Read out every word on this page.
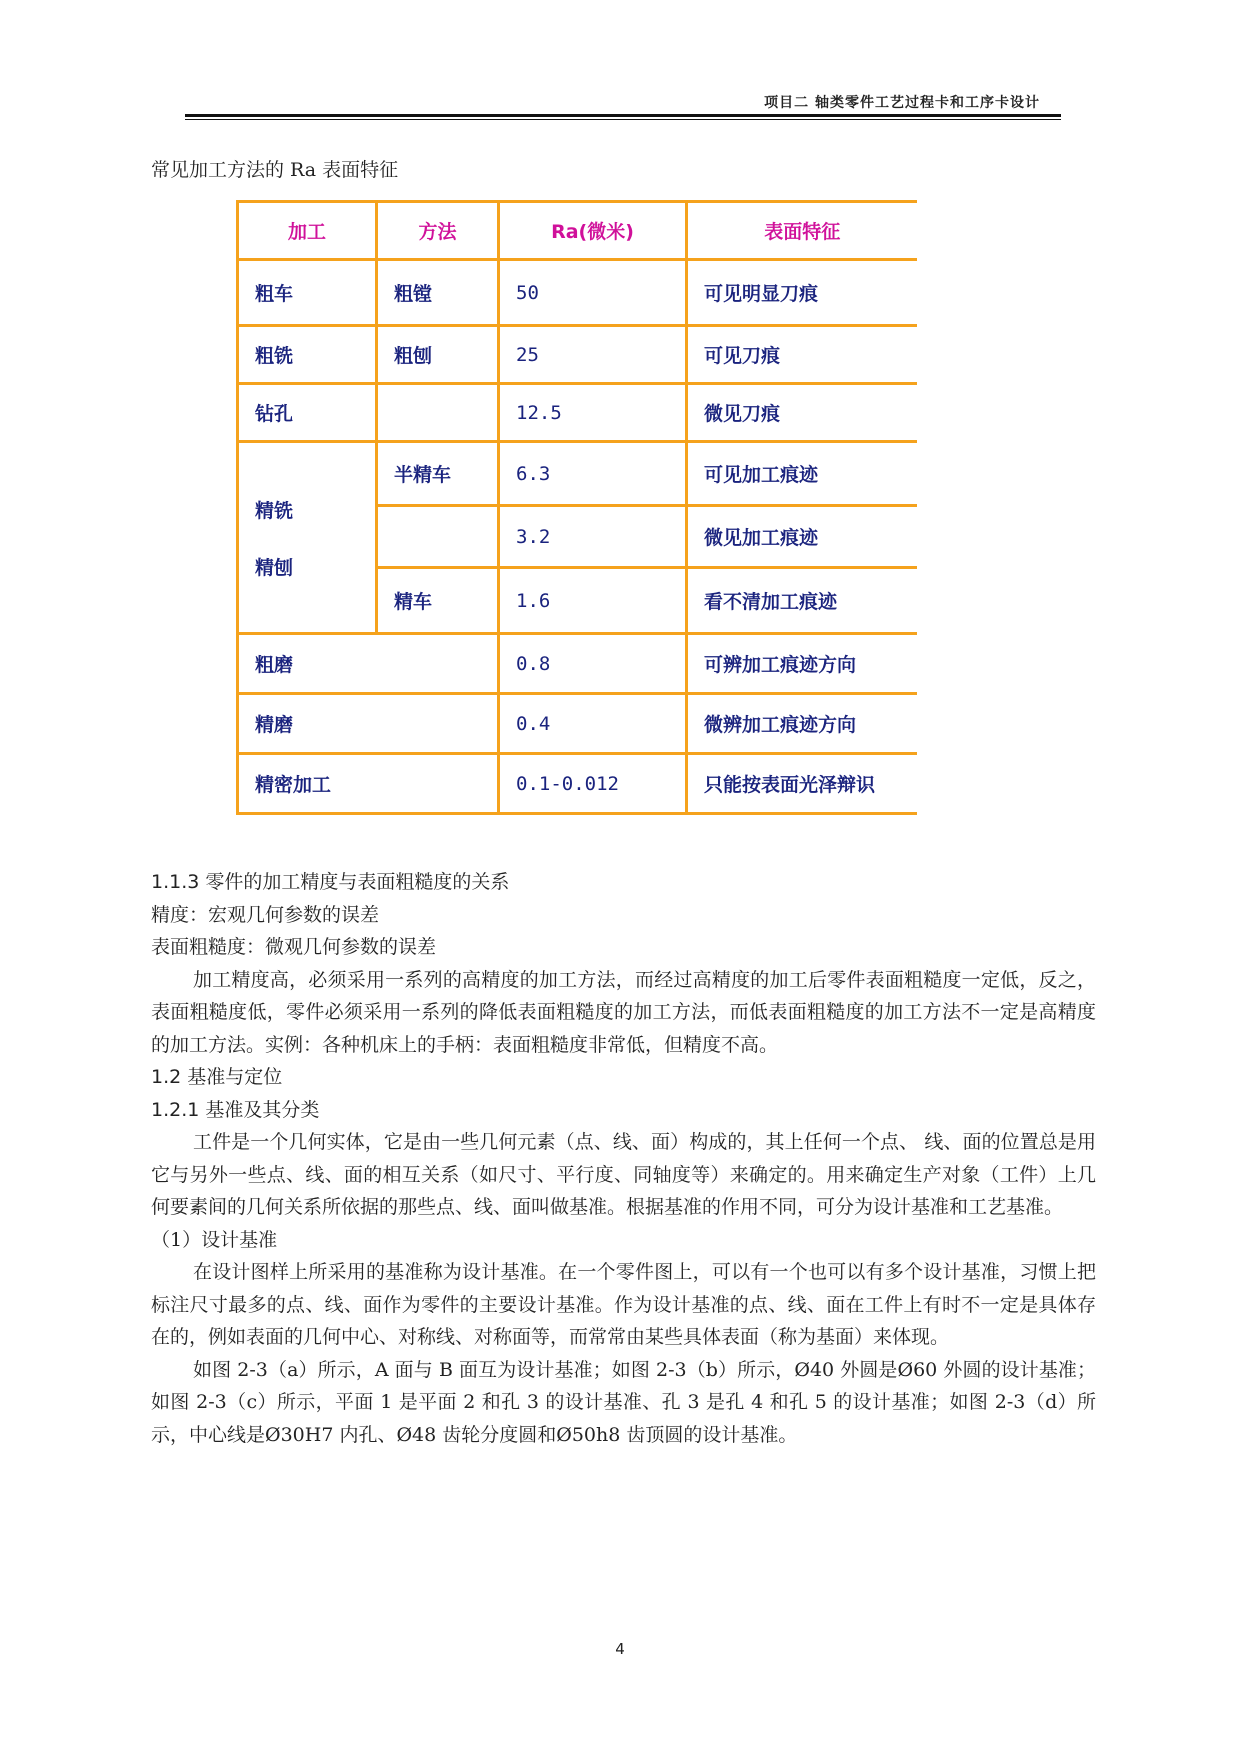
项目二 轴类零件工艺过程卡和工序卡设计
常见加工方法的 Ra 表面特征
加工	方法	Ra(微米)	表面特征
粗车	粗镗	50	可见明显刀痕
粗铣	粗刨	25	可见刀痕
钻孔		12.5	微见刀痕

精铣
精刨	半精车	6.3	可见加工痕迹
		3.2	微见加工痕迹
	精车	1.6	看不清加工痕迹
粗磨		0.8	可辨加工痕迹方向
精磨		0.4	微辨加工痕迹方向
精密加工		0.1-0.012	只能按表面光泽辩识

1.1.3 零件的加工精度与表面粗糙度的关系

精度：宏观几何参数的误差

表面粗糙度：微观几何参数的误差

加工精度高，必须采用一系列的高精度的加工方法，而经过高精度的加工后零件表面粗糙度一定低，反之，表面粗糙度低，零件必须采用一系列的降低表面粗糙度的加工方法，而低表面粗糙度的加工方法不一定是高精度的加工方法。实例：各种机床上的手柄：表面粗糙度非常低，但精度不高。

1.2 基准与定位

1.2.1 基准及其分类

工件是一个几何实体，它是由一些几何元素（点、线、面）构成的，其上任何一个点、 线、面的位置总是用它与另外一些点、线、面的相互关系（如尺寸、平行度、同轴度等）来确定的。用来确定生产对象（工件）上几何要素间的几何关系所依据的那些点、线、面叫做基准。根据基准的作用不同，可分为设计基准和工艺基准。

（1）设计基准

在设计图样上所采用的基准称为设计基准。在一个零件图上，可以有一个也可以有多个设计基准，习惯上把标注尺寸最多的点、线、面作为零件的主要设计基准。作为设计基准的点、线、面在工件上有时不一定是具体存在的，例如表面的几何中心、对称线、对称面等，而常常由某些具体表面（称为基面）来体现。

如图 2-3（a）所示，A 面与 B 面互为设计基准；如图 2-3（b）所示，Ø40 外圆是Ø60 外圆的设计基准；如图 2-3（c）所示，平面 1 是平面 2 和孔 3 的设计基准、孔 3 是孔 4 和孔 5 的设计基准；如图 2-3（d）所示，中心线是Ø30H7 内孔、Ø48 齿轮分度圆和Ø50h8 齿顶圆的设计基准。

4
